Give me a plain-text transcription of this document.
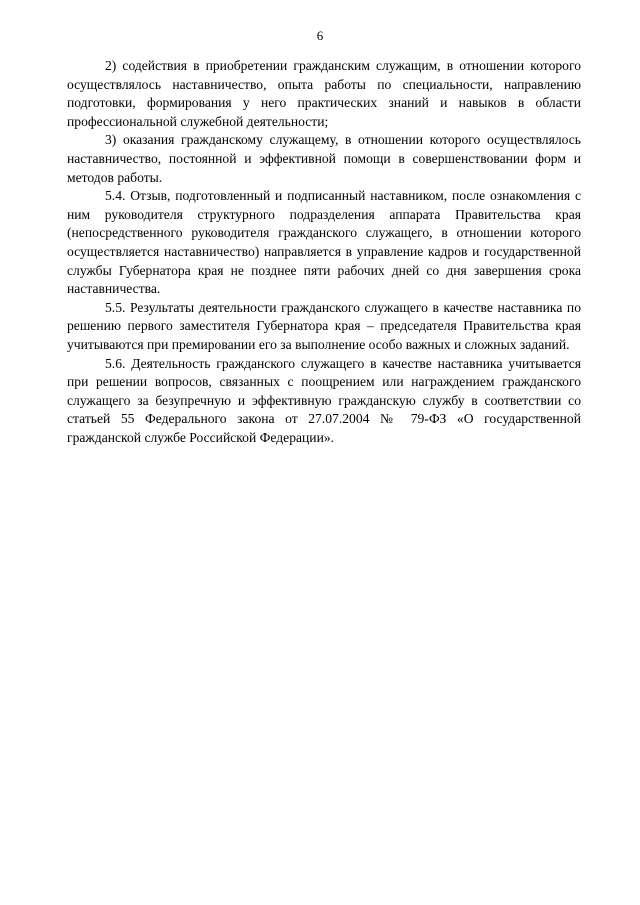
6

2) содействия в приобретении гражданским служащим, в отношении которого осуществлялось наставничество, опыта работы по специальности, направлению подготовки, формирования у него практических знаний и навыков в области профессиональной служебной деятельности;

3) оказания гражданскому служащему, в отношении которого осуществлялось наставничество, постоянной и эффективной помощи в совершенствовании форм и методов работы.

5.4. Отзыв, подготовленный и подписанный наставником, после ознакомления с ним руководителя структурного подразделения аппарата Правительства края (непосредственного руководителя гражданского служащего, в отношении которого осуществляется наставничество) направляется в управление кадров и государственной службы Губернатора края не позднее пяти рабочих дней со дня завершения срока наставничества.

5.5. Результаты деятельности гражданского служащего в качестве наставника по решению первого заместителя Губернатора края – председателя Правительства края учитываются при премировании его за выполнение особо важных и сложных заданий.

5.6. Деятельность гражданского служащего в качестве наставника учитывается при решении вопросов, связанных с поощрением или награждением гражданского служащего за безупречную и эффективную гражданскую службу в соответствии со статьей 55 Федерального закона от 27.07.2004 № 79-ФЗ «О государственной гражданской службе Российской Федерации».
